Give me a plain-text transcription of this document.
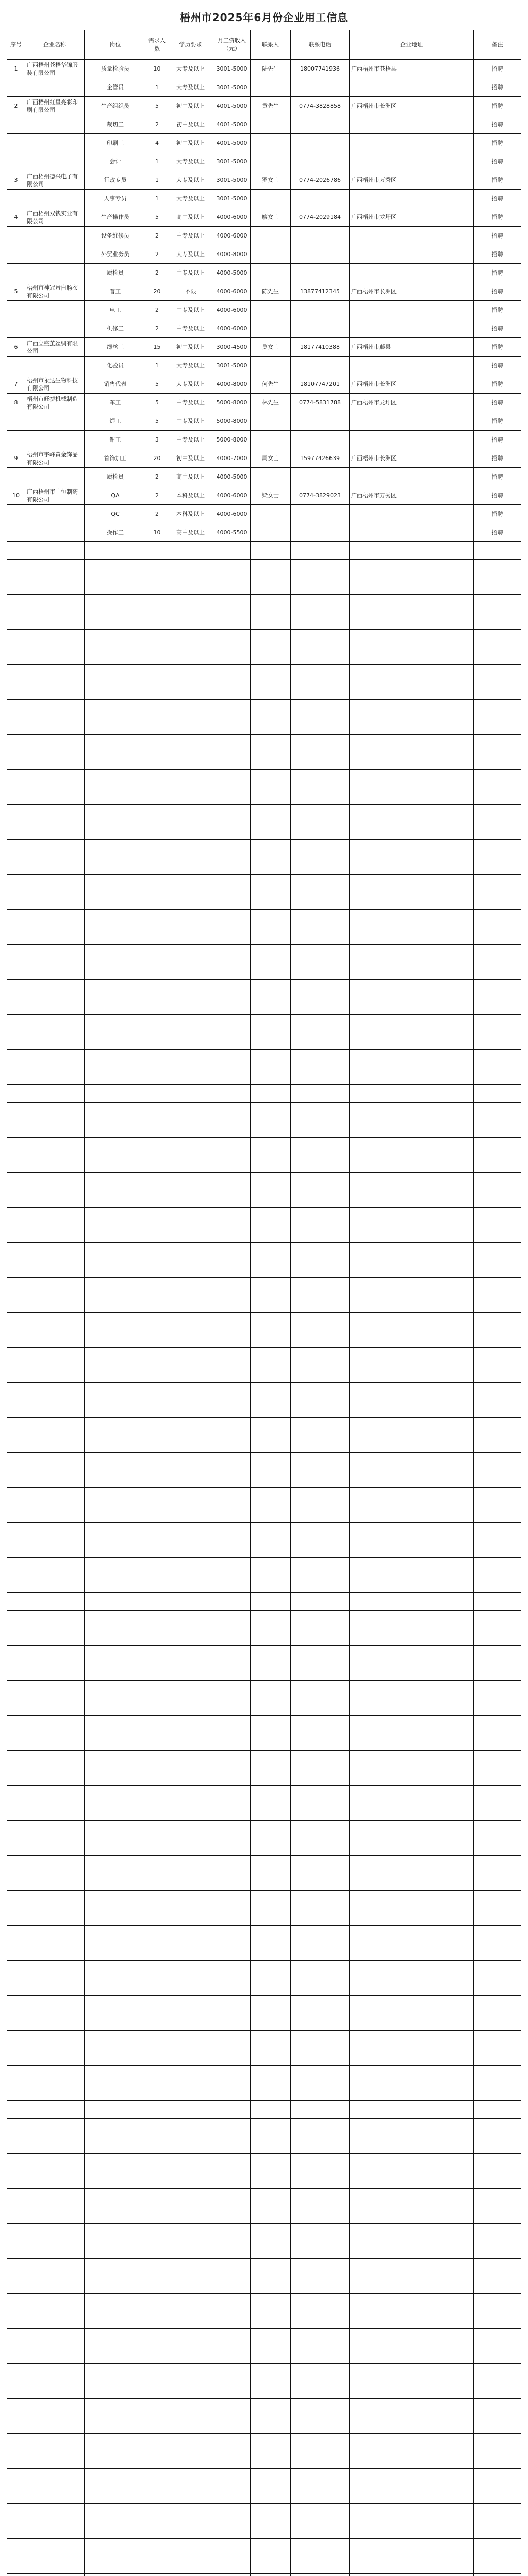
梧州市2025年6月份企业用工信息
序号	企业名称	岗位	需求人数	学历要求	月工资收入（元）	联系人	联系电话	企业地址	备注
1	广西梧州苍梧华锦服装有限公司	质量检验员	10	大专及以上	3001-5000	陆先生	18007741936	广西梧州市苍梧县	招聘
		企管员	1	大专及以上	3001-5000				招聘
2	广西梧州红星亮彩印刷有限公司	生产组织员	5	初中及以上	4001-5000	黄先生	0774-3828858	广西梧州市长洲区	招聘
		裁切工	2	初中及以上	4001-5000				招聘
		印刷工	4	初中及以上	4001-5000				招聘
		会计	1	大专及以上	3001-5000				招聘
3	广西梧州德兴电子有限公司	行政专员	1	大专及以上	3001-5000	罗女士	0774-2026786	广西梧州市万秀区	招聘
		人事专员	1	大专及以上	3001-5000				招聘
4	广西梧州双钱实业有限公司	生产操作员	5	高中及以上	4000-6000	廖女士	0774-2029184	广西梧州市龙圩区	招聘
		设备维修员	2	中专及以上	4000-6000				招聘
		外贸业务员	2	大专及以上	4000-8000				招聘
		质检员	2	中专及以上	4000-5000				招聘
5	梧州市神冠蛋白肠衣有限公司	普工	20	不限	4000-6000	陈先生	13877412345	广西梧州市长洲区	招聘
		电工	2	中专及以上	4000-6000				招聘
		机修工	2	中专及以上	4000-6000				招聘
6	广西立盛茧丝绸有限公司	缫丝工	15	初中及以上	3000-4500	莫女士	18177410388	广西梧州市藤县	招聘
		化验员	1	大专及以上	3001-5000				招聘
7	梧州市永达生物科技有限公司	销售代表	5	大专及以上	4000-8000	何先生	18107747201	广西梧州市长洲区	招聘
8	梧州市旺捷机械制造有限公司	车工	5	中专及以上	5000-8000	林先生	0774-5831788	广西梧州市龙圩区	招聘
		焊工	5	中专及以上	5000-8000				招聘
		钳工	3	中专及以上	5000-8000				招聘
9	梧州市宇峰黄金饰品有限公司	首饰加工	20	初中及以上	4000-7000	周女士	15977426639	广西梧州市长洲区	招聘
		质检员	2	高中及以上	4000-5000				招聘
10	广西梧州市中恒制药有限公司	QA	2	本科及以上	4000-6000	梁女士	0774-3829023	广西梧州市万秀区	招聘
		QC	2	本科及以上	4000-6000				招聘
		操作工	10	高中及以上	4000-5500				招聘
